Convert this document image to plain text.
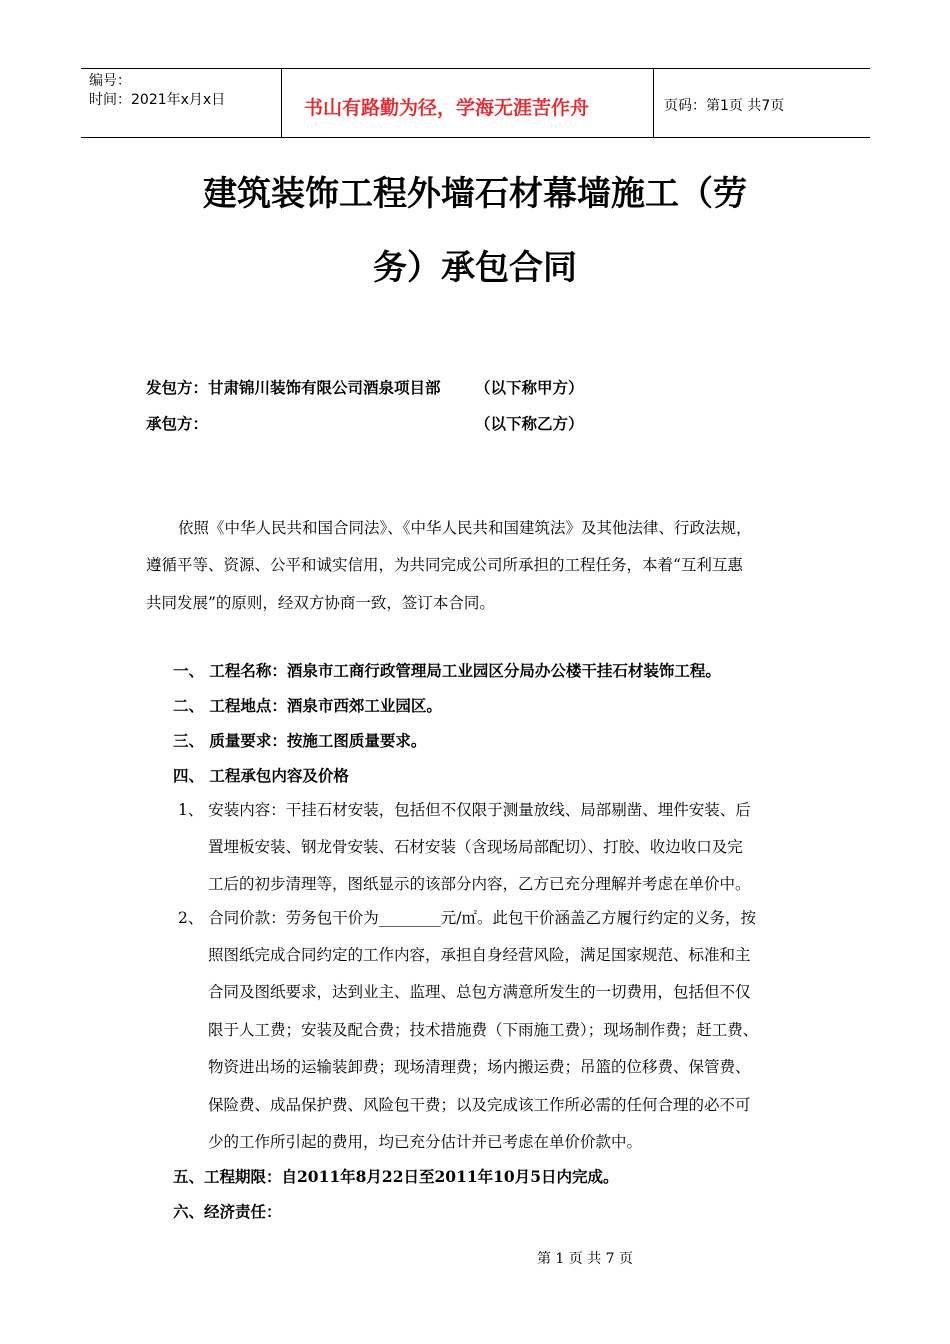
编号：
时间：2021年x月x日	书山有路勤为径，学海无涯苦作舟	页码：第1页 共7页
建筑装饰工程外墙石材幕墙施工（劳
务）承包合同
发包方：甘肃锦川装饰有限公司酒泉项目部 （以下称甲方）
承包方：	（以下称乙方）
依照《中华人民共和国合同法》、《中华人民共和国建筑法》及其他法律、行政法规，
遵循平等、资源、公平和诚实信用，为共同完成公司所承担的工程任务，本着“互利互惠
共同发展”的原则，经双方协商一致，签订本合同。
一、 工程名称：酒泉市工商行政管理局工业园区分局办公楼干挂石材装饰工程。
二、 工程地点：酒泉市西郊工业园区。
三、 质量要求：按施工图质量要求。
四、 工程承包内容及价格
1、 安装内容：干挂石材安装，包括但不仅限于测量放线、局部剔凿、埋件安装、后
置埋板安装、钢龙骨安装、石材安装（含现场局部配切）、打胶、收边收口及完
工后的初步清理等，图纸显示的该部分内容，乙方已充分理解并考虑在单价中。
2、 合同价款：劳务包干价为________元/㎡。此包干价涵盖乙方履行约定的义务，按
照图纸完成合同约定的工作内容，承担自身经营风险，满足国家规范、标准和主
合同及图纸要求，达到业主、监理、总包方满意所发生的一切费用，包括但不仅
限于人工费；安装及配合费；技术措施费（下雨施工费）；现场制作费；赶工费、
物资进出场的运输装卸费；现场清理费；场内搬运费；吊篮的位移费、保管费、
保险费、成品保护费、风险包干费；以及完成该工作所必需的任何合理的必不可
少的工作所引起的费用，均已充分估计并已考虑在单价价款中。
五、工程期限：自2011年8月22日至2011年10月5日内完成。
六、经济责任：
第 1 页 共 7 页
